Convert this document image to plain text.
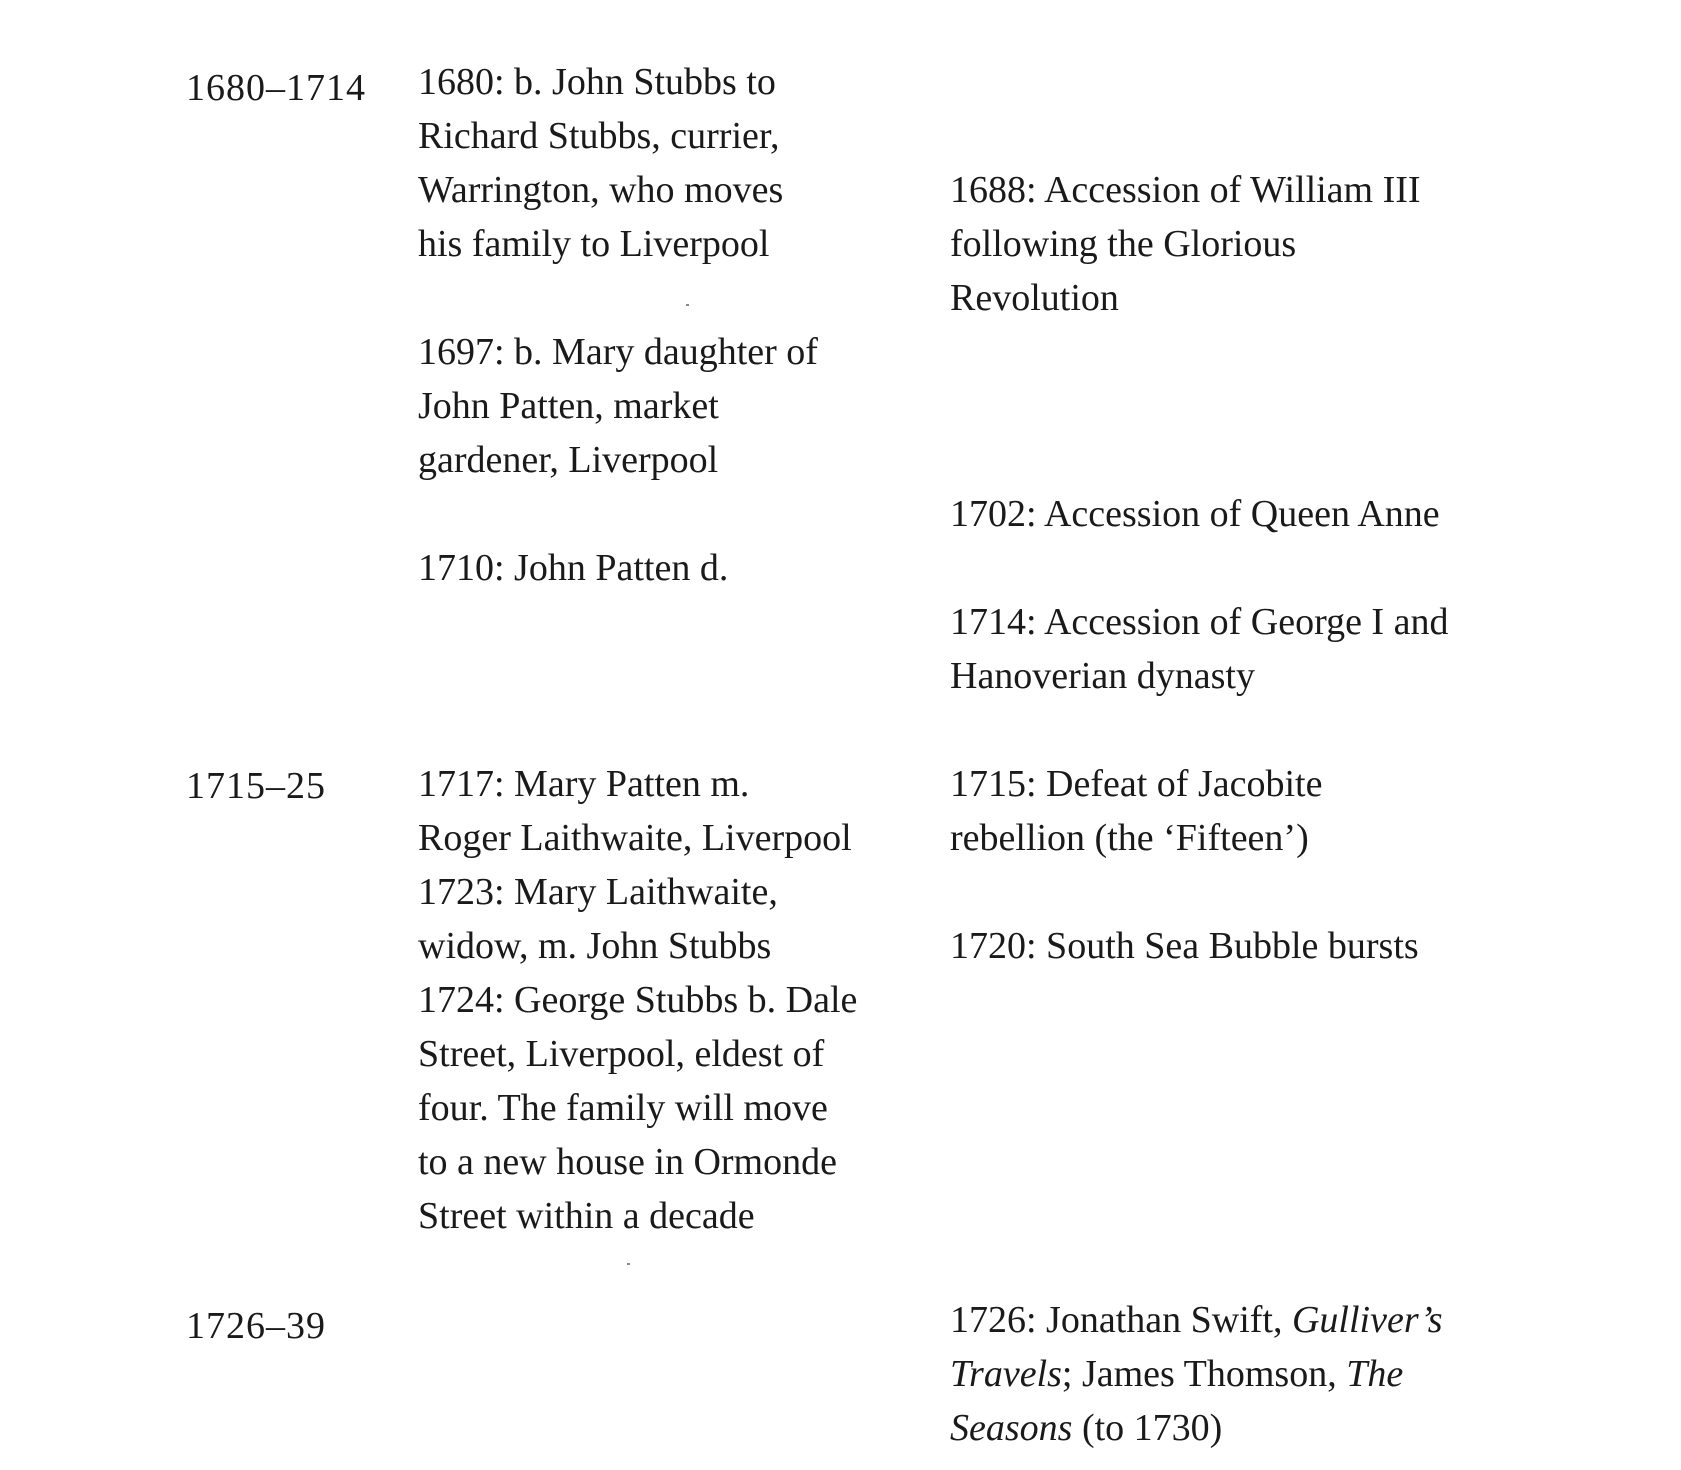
1680–1714 1680: b. John Stubbs to
Richard Stubbs, currier,
Warrington, who moves
his family to Liverpool

1697: b. Mary daughter of
John Patten, market
gardener, Liverpool

1710: John Patten d.

1688: Accession of William III
following the Glorious
Revolution

1702: Accession of Queen Anne

1714: Accession of George I and
Hanoverian dynasty

1715–25 1717: Mary Patten m.
Roger Laithwaite, Liverpool
1723: Mary Laithwaite,
widow, m. John Stubbs
1724: George Stubbs b. Dale
Street, Liverpool, eldest of
four. The family will move
to a new house in Ormonde
Street within a decade

1715: Defeat of Jacobite
rebellion (the ‘Fifteen’)

1720: South Sea Bubble bursts

1726–39	1726: Jonathan Swift, Gulliver’s
Travels; James Thomson, The
Seasons (to 1730)
